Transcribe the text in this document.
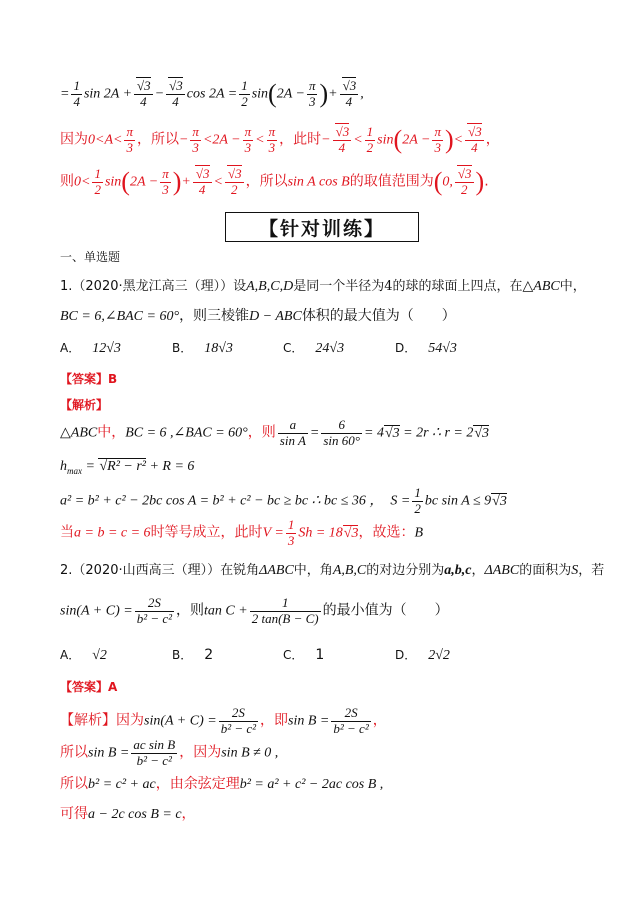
= $\frac{1}{4}$ $\sin 2A + \frac{√3}{4} - \frac{√3}{4}$ $\cos 2A = \frac{1}{2} \sin(2A - \frac{\pi}{3}$ )+ $\frac{√3}{4}$ ,
因为$0<A< \frac{\pi}{3}$ ，所以− $\frac{\pi}{3} <2A - \frac{\pi}{3} < \frac{\pi}{3}$ ，此时− $\frac{√3}{4} < \frac{1}{2} \sin(2A - \frac{\pi}{3}$ )< $\frac{√3}{4}$ ，
则$0< \frac{1}{2} \sin(2A - \frac{\pi}{3}$ )+ $\frac{√3}{4} < \frac{√3}{2}$ ，所以sin A cos B的取值范围为(0, $\frac{√3}{2}$ ).
【针对训练】
一、单选题
1.（2020·黑龙江高三（理））设A,B,C,D是同一个半径为4的球的球面上四点，在△ABC中，
BC = 6,∠BAC = 60°，则三棱锥D − ABC体积的最大值为（　　）
A． 12√3	B． 18√3	C． 24√3	D． 54√3
【答案】B
【解析】
△ABC中，BC = 6 ,∠BAC = 60°，则 $\frac{a}{\text{sin A}} = \frac{6}{\sin 60^\circ} = 4√3 = 2r$ ∴ r = 2√3
$h_{max} = √R^2 - r^2 + R = 6$
a² = b² + c² − 2bc cos A = b² + c² − bc ≥ bc ∴ bc ≤ 36 ，  $S = \frac{1}{2}$ bc sin A ≤ 9√3
当a = b = c = 6时等号成立，此时$V = \frac{1}{3}$ Sh = 18√3，故选：B
2.（2020·山西高三（理））在锐角ΔABC中，角A,B,C的对边分别为a,b,c，ΔABC的面积为S，若
$\sin(A + C) = \frac{2S}{\text{b² − c²}}$ ，则$\tan C + \frac{1}{2 \tan(B - C)}$ 的最小值为（　　）
A． √2	B． 2	C． 1	D． 2√2
【答案】A
【解析】因为$\sin(A + C) = \frac{2S}{\text{b² − c²}}$ ，即$\sin B = \frac{2S}{\text{b² − c²}}$ ，
所以$\sin B = \frac{\text{ac sin B}}{\text{b² − c²}}$ ，因为sin B ≠ 0 ,
所以b² = c² + ac，由余弦定理b² = a² + c² − 2ac cos B ,
可得a − 2c cos B = c，
